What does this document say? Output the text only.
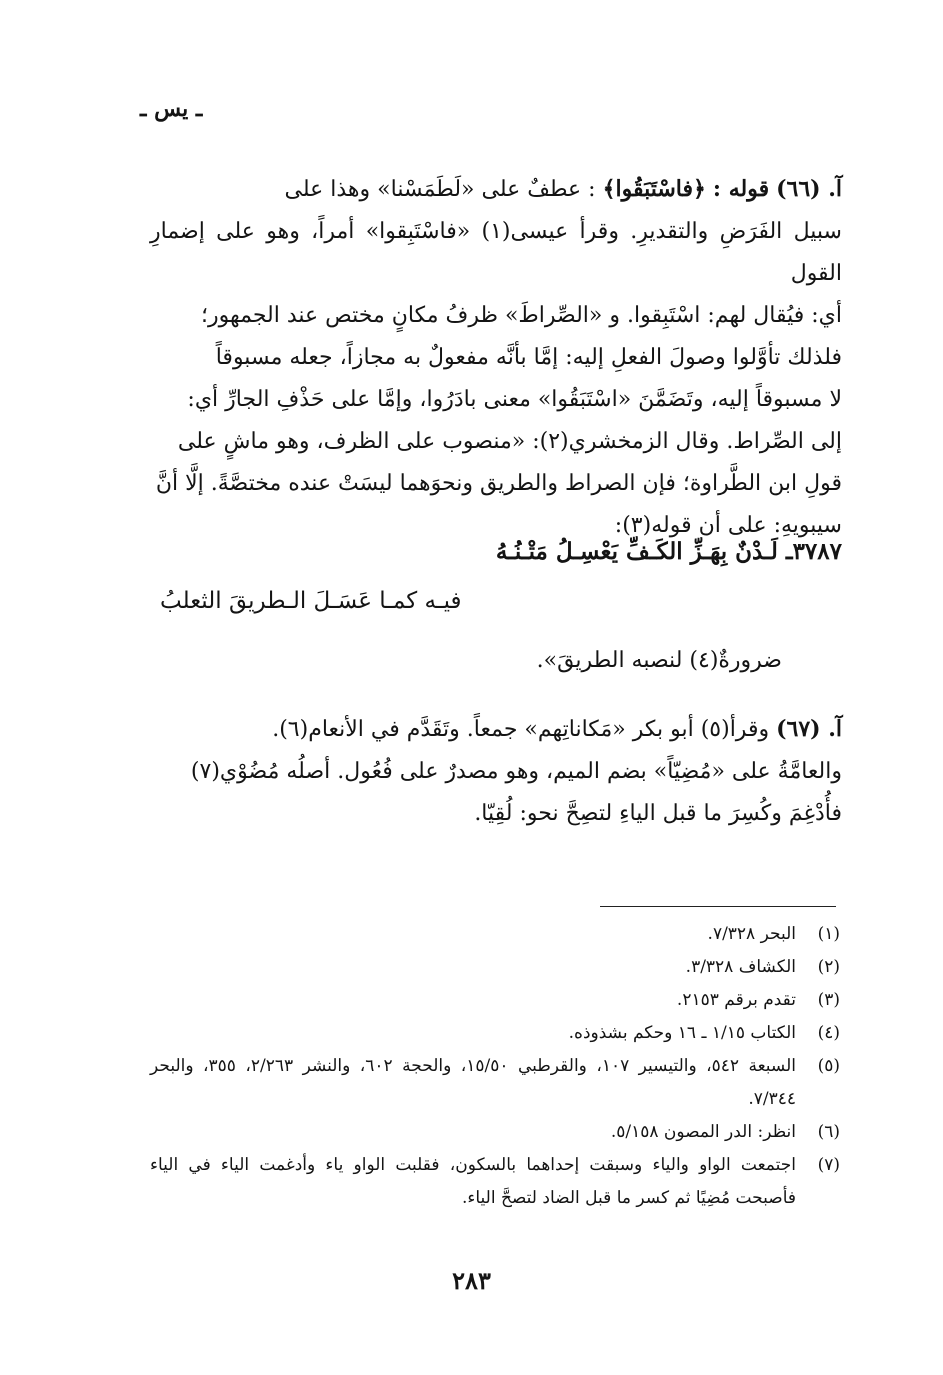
ـ يس ـ

آ. (٦٦) قوله : ﴿فاسْتَبَقُوا﴾ : عطفٌ على «لَطَمَسْنا» وهذا على

سبيل الفَرَضِ والتقديرِ. وقرأ عيسى‏(١) «فاسْتَبِقوا» أمراً، وهو على إضمارِ القول

أي: فيُقال لهم: اسْتَبِقوا. و «الصِّراطَ» ظرفُ مكانٍ مختص عند الجمهور؛

فلذلك تأوَّلوا وصولَ الفعلِ إليه: إمَّا بأنَّه مفعولٌ به مجازاً، جعله مسبوقاً

لا مسبوقاً إليه، وتَضَمَّنَ «اسْتَبَقُوا» معنى بادَرُوا، وإمَّا على حَذْفِ الجارِّ أي:

إلى الصِّراط. وقال الزمخشري(٢): «منصوب على الظرف، وهو ماشٍ على

قولِ ابن الطَّراوة؛ فإن الصراط والطريق ونحوَهما ليسَتْ عنده مختصَّةً. إلَّا أنَّ

سيبويهِ: على أن قوله(٣):

٣٧٨٧ـ لَـدْنٌ بِهَـزِّ الكَـفِّ يَعْسِـلُ مَتْـنُـهُ
فيـه كمـا عَسَـلَ الـطريقَ الثعلبُ
ضرورةٌ(٤) لنصبه الطريقَ».

آ. (٦٧) وقرأ(٥) أبو بكر «مَكاناتِهم» جمعاً. وتَقَدَّم في الأنعام(٦).

والعامَّةُ على «مُضِيّاً» بضم الميم، وهو مصدرٌ على فُعُول. أصلُه مُضُوْي(٧)

فأُدْغِمَ وكُسِرَ ما قبل الياءِ لتصِحَّ نحو: لُقِيّا.

(١)
البحر ٧/٣٢٨.
(٢)
الكشاف ٣/٣٢٨.
(٣)
تقدم برقم ٢١٥٣.
(٤)
الكتاب ١/١٥ ـ ١٦ وحكم بشذوذه.
(٥)
السبعة ٥٤٢، والتيسير ١٠٧، والقرطبي ١٥/٥٠، والحجة ٦٠٢، والنشر ٢/٢٦٣، ٣٥٥، والبحر ٧/٣٤٤.
(٦)
انظر: الدر المصون ٥/١٥٨.
(٧)
اجتمعت الواو والياء وسبقت إحداهما بالسكون، فقلبت الواو ياء وأدغمت الياء في الياء فأصبحت مُضِيًا ثم كسر ما قبل الضاد لتصحَّ الياء.
٢٨٣
